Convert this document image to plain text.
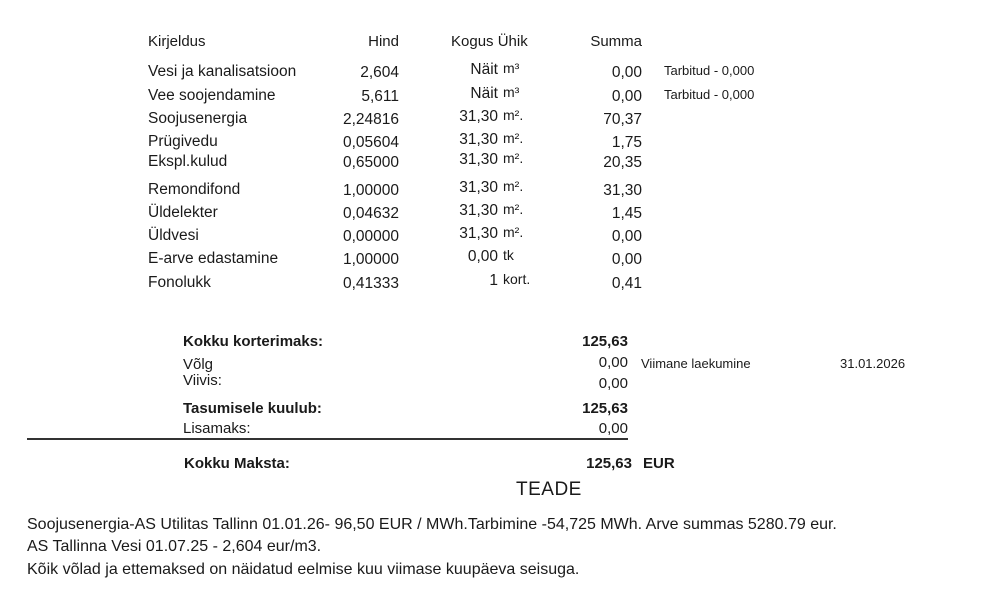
Kirjeldus	Hind	Kogus Ühik	Summa
Vesi ja kanalisatsioon	2,604	Näit m³	0,00 Tarbitud - 0,000
Vee soojendamine	5,611	Näit m³	0,00 Tarbitud - 0,000
Soojusenergia	2,24816	31,30 m².	70,37
Prügivedu	0,05604	31,30 m².	1,75
Ekspl.kulud	0,65000	31,30 m².	20,35
Remondifond	1,00000	31,30 m².	31,30
Üldelekter	0,04632	31,30 m².	1,45
Üldvesi	0,00000	31,30 m².	0,00
E-arve edastamine	1,00000	0,00 tk	0,00
Fonolukk	0,41333	1 kort.	0,41
Kokku korterimaks:	125,63
Võlg	0,00 Viimane laekumine	31.01.2026
Viivis:	0,00
Tasumisele kuulub:	125,63
Lisamaks:	0,00
Kokku Maksta:	125,63 EUR
TEADE
Soojusenergia-AS Utilitas Tallinn 01.01.26- 96,50 EUR / MWh.Tarbimine -54,725 MWh. Arve summas 5280.79 eur.
AS Tallinna Vesi 01.07.25 - 2,604 eur/m3.
Kõik võlad ja ettemaksed on näidatud eelmise kuu viimase kuupäeva seisuga.
